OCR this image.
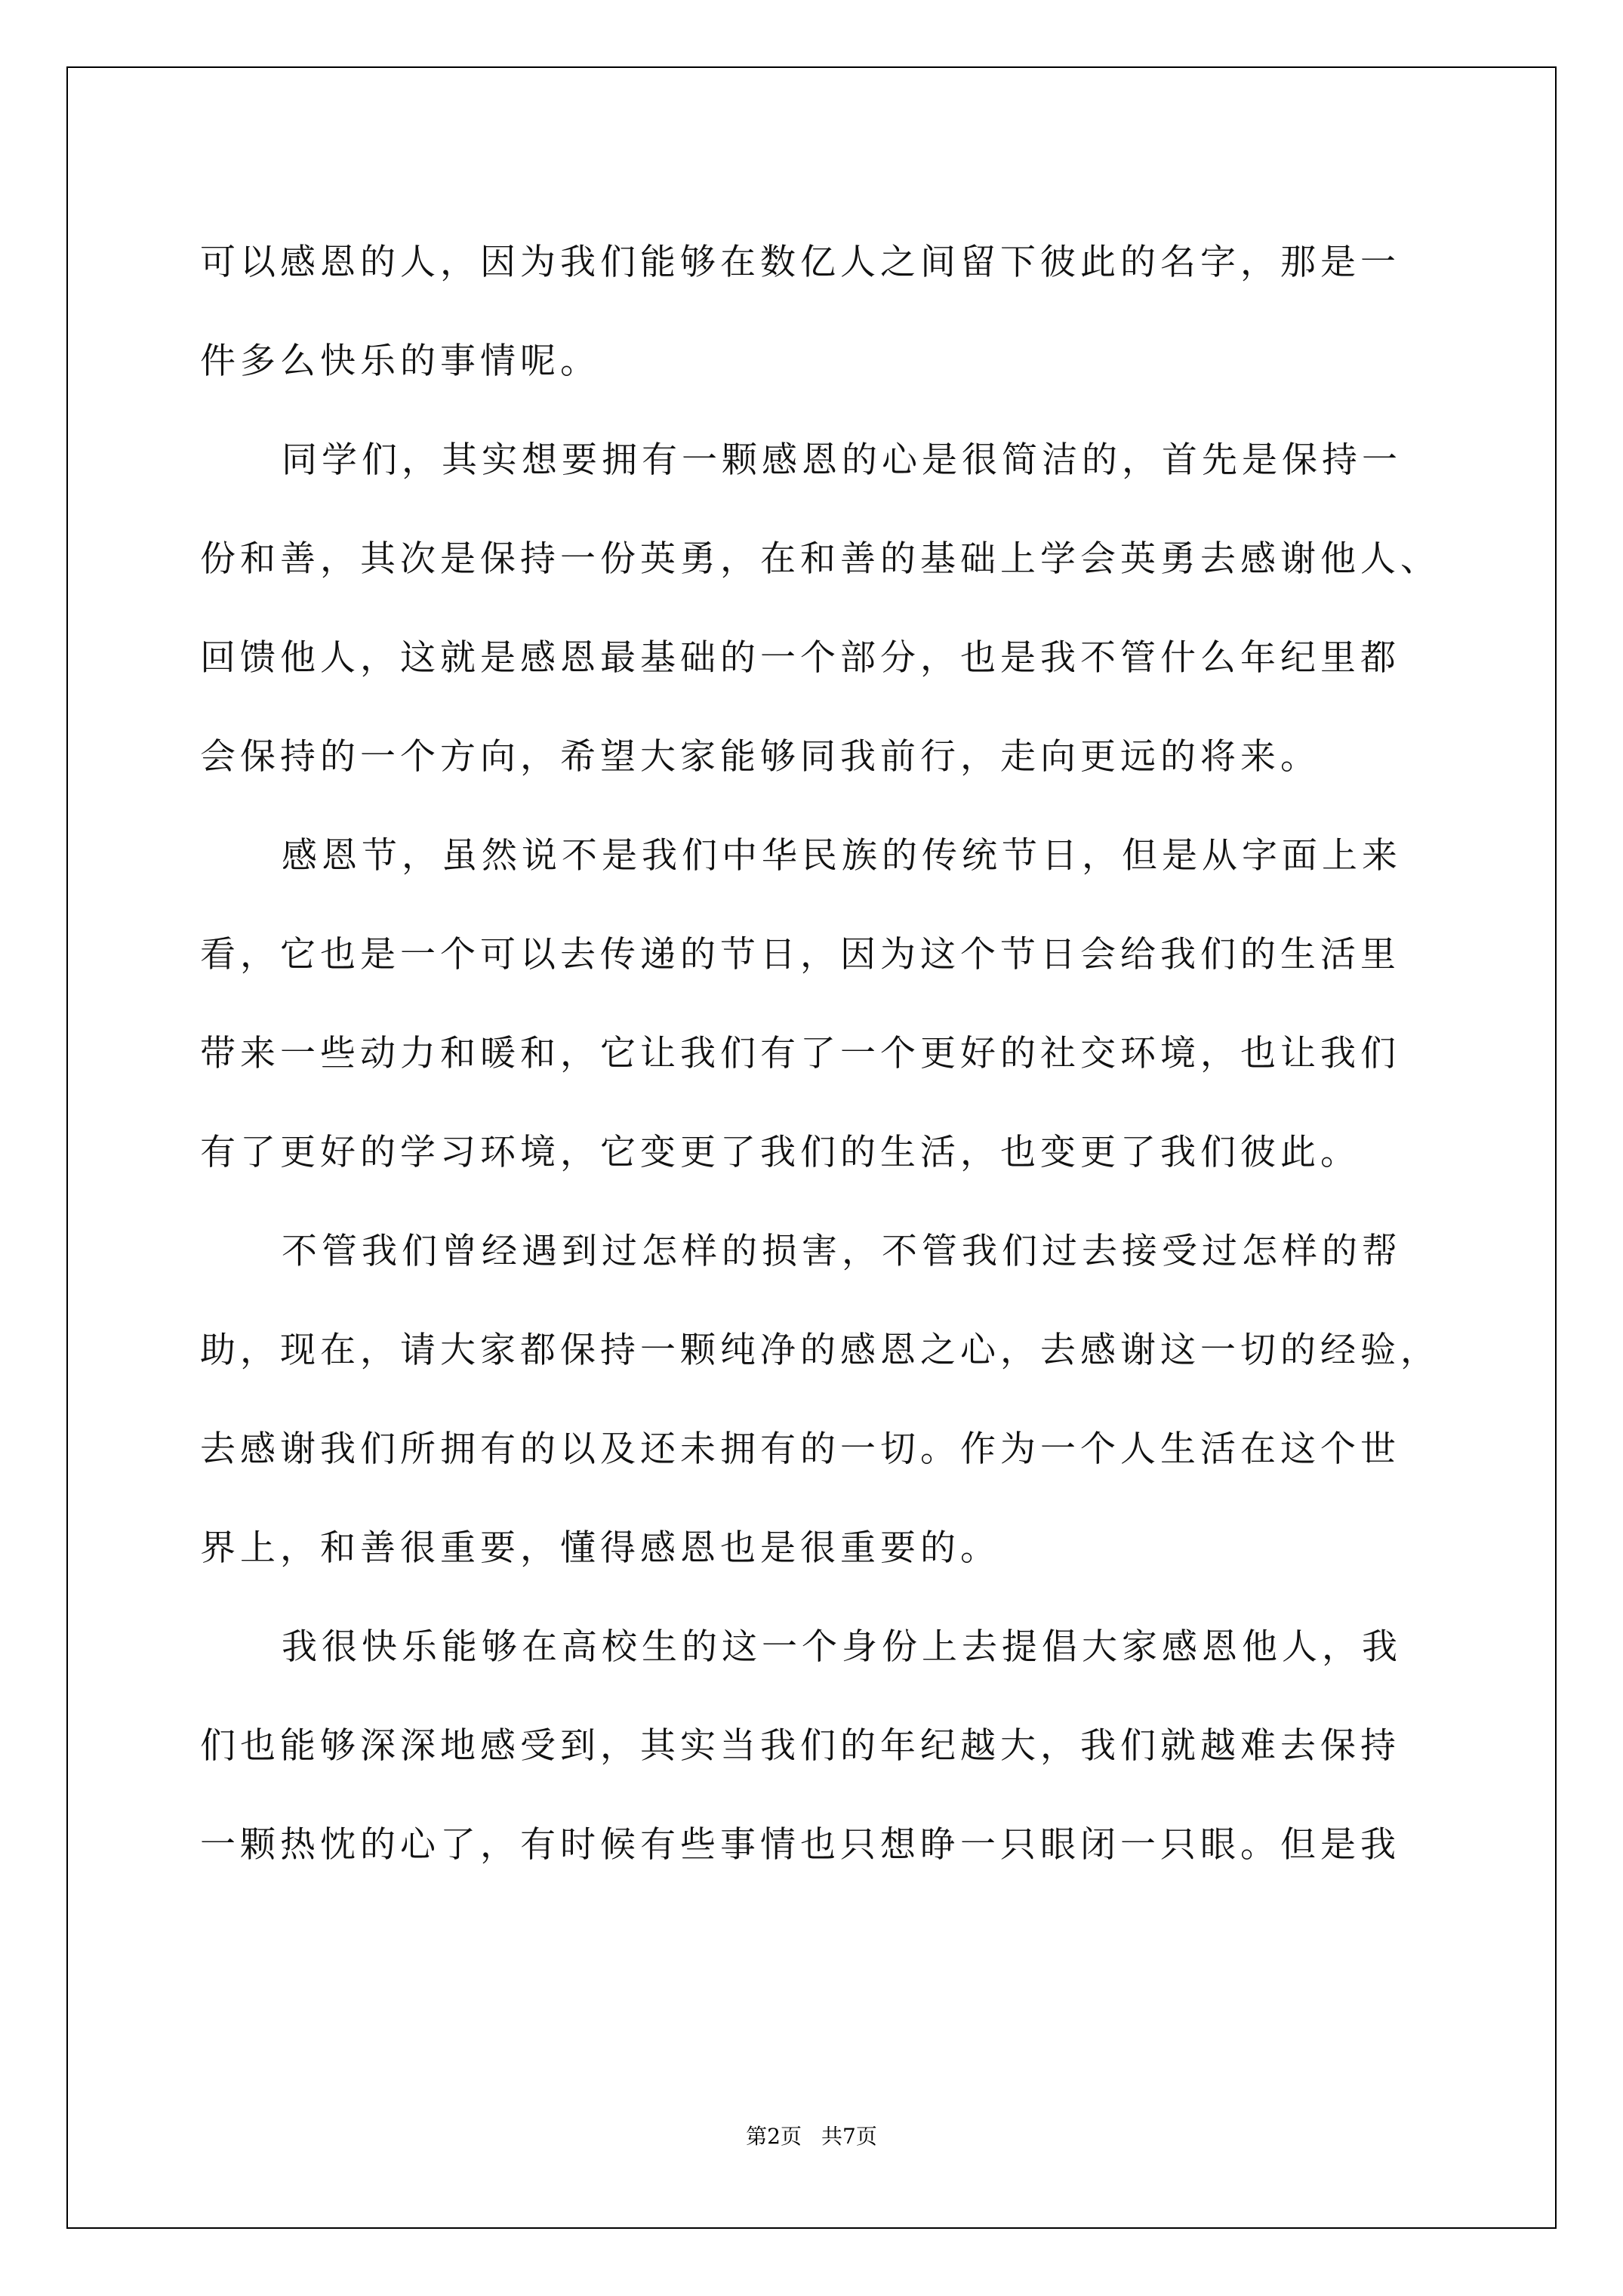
可以感恩的人，因为我们能够在数亿人之间留下彼此的名字，那是一
件多么快乐的事情呢。
同学们，其实想要拥有一颗感恩的心是很简洁的，首先是保持一
份和善，其次是保持一份英勇，在和善的基础上学会英勇去感谢他人、
回馈他人，这就是感恩最基础的一个部分，也是我不管什么年纪里都
会保持的一个方向，希望大家能够同我前行，走向更远的将来。
感恩节，虽然说不是我们中华民族的传统节日，但是从字面上来
看，它也是一个可以去传递的节日，因为这个节日会给我们的生活里
带来一些动力和暖和，它让我们有了一个更好的社交环境，也让我们
有了更好的学习环境，它变更了我们的生活，也变更了我们彼此。
不管我们曾经遇到过怎样的损害，不管我们过去接受过怎样的帮
助，现在，请大家都保持一颗纯净的感恩之心，去感谢这一切的经验，
去感谢我们所拥有的以及还未拥有的一切。作为一个人生活在这个世
界上，和善很重要，懂得感恩也是很重要的。
我很快乐能够在高校生的这一个身份上去提倡大家感恩他人，我
们也能够深深地感受到，其实当我们的年纪越大，我们就越难去保持
一颗热忱的心了，有时候有些事情也只想睁一只眼闭一只眼。但是我
第2页 共7页
